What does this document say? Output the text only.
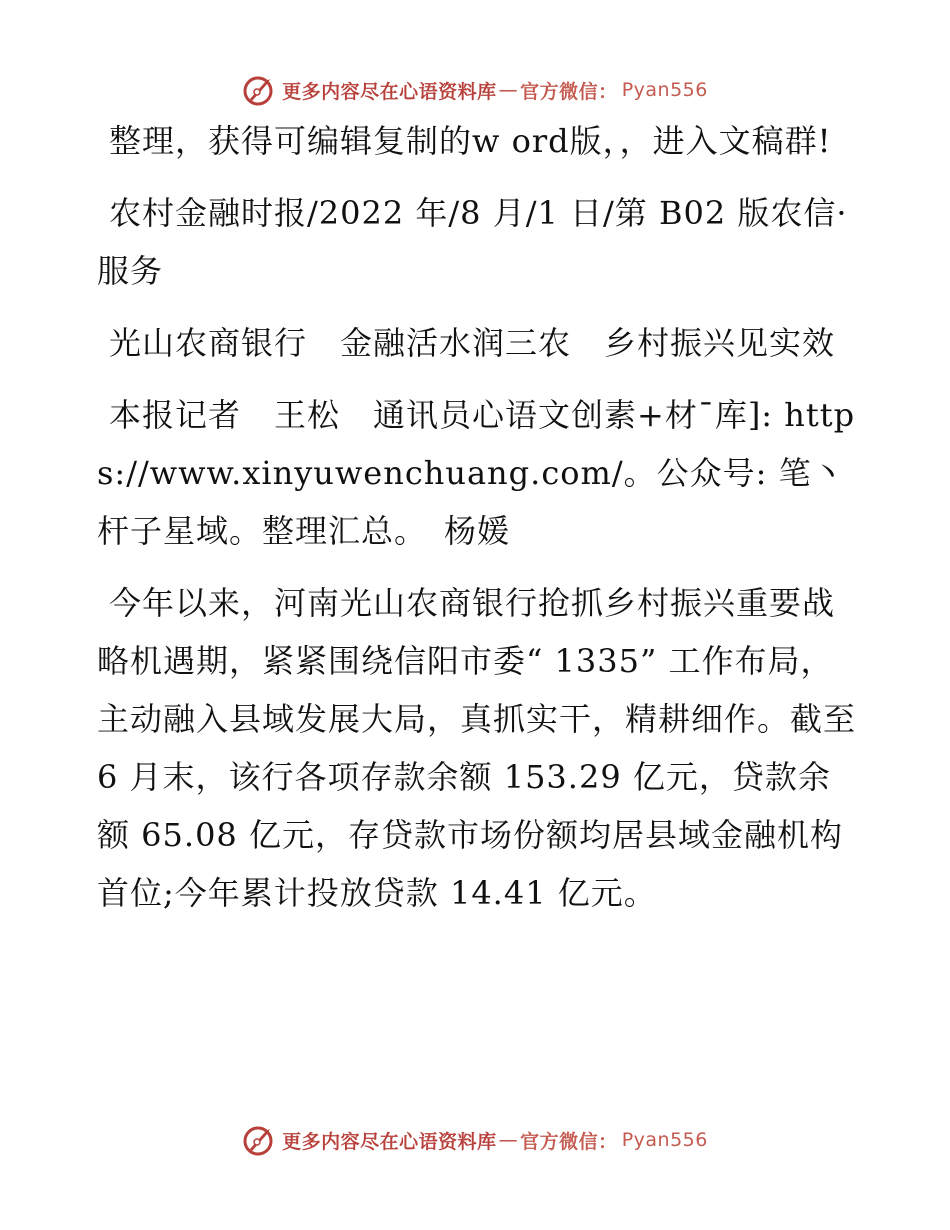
更多内容尽在心语资料库 — 官方微信： Pyan556

整理，获得可编辑复制的w ord版，，进入文稿群!

农村金融时报/2022 年/8 月/1 日/第 B02 版农信· 服务

光山农商银行　金融活水润三农　乡村振兴见实效

本报记者　王松　通讯员心语文创素+材¯库]: https://www.xinyuwenchuang.com/。公众号: 笔丶杆子星域。整理汇总。　杨媛

今年以来，河南光山农商银行抢抓乡村振兴重要战略机遇期，紧紧围绕信阳市委“ 1335” 工作布局，主动融入县域发展大局，真抓实干，精耕细作。截至 6 月末，该行各项存款余额 153.29 亿元，贷款余额 65.08 亿元，存贷款市场份额均居县域金融机构首位;今年累计投放贷款 14.41 亿元。

更多内容尽在心语资料库 — 官方微信： Pyan556
